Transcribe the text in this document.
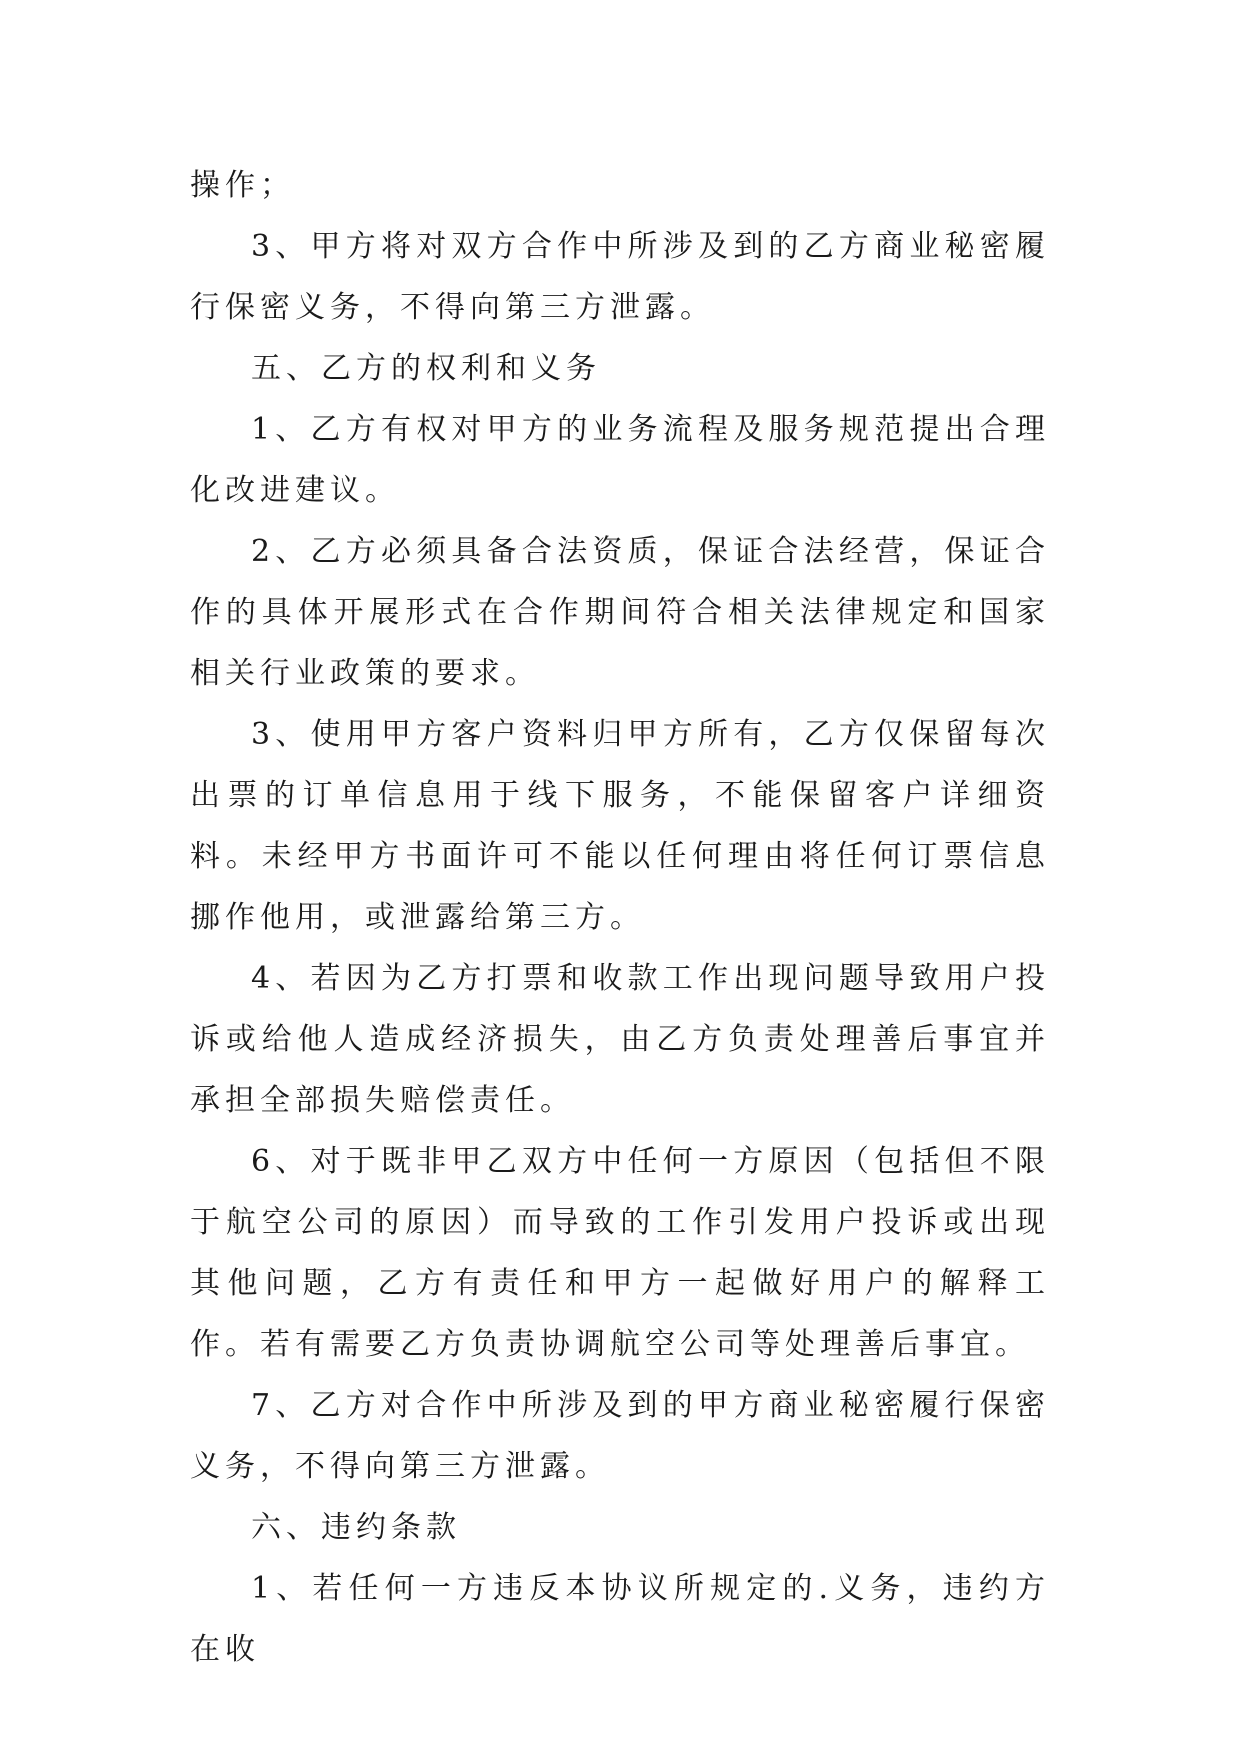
操作；

3、甲方将对双方合作中所涉及到的乙方商业秘密履行保密义务，不得向第三方泄露。

五、乙方的权利和义务

1、乙方有权对甲方的业务流程及服务规范提出合理化改进建议。

2、乙方必须具备合法资质，保证合法经营，保证合作的具体开展形式在合作期间符合相关法律规定和国家相关行业政策的要求。

3、使用甲方客户资料归甲方所有，乙方仅保留每次出票的订单信息用于线下服务，不能保留客户详细资料。未经甲方书面许可不能以任何理由将任何订票信息挪作他用，或泄露给第三方。

4、若因为乙方打票和收款工作出现问题导致用户投诉或给他人造成经济损失，由乙方负责处理善后事宜并承担全部损失赔偿责任。

6、对于既非甲乙双方中任何一方原因（包括但不限于航空公司的原因）而导致的工作引发用户投诉或出现其他问题，乙方有责任和甲方一起做好用户的解释工作。若有需要乙方负责协调航空公司等处理善后事宜。

7、乙方对合作中所涉及到的甲方商业秘密履行保密义务，不得向第三方泄露。

六、违约条款

1、若任何一方违反本协议所规定的.义务，违约方在收
